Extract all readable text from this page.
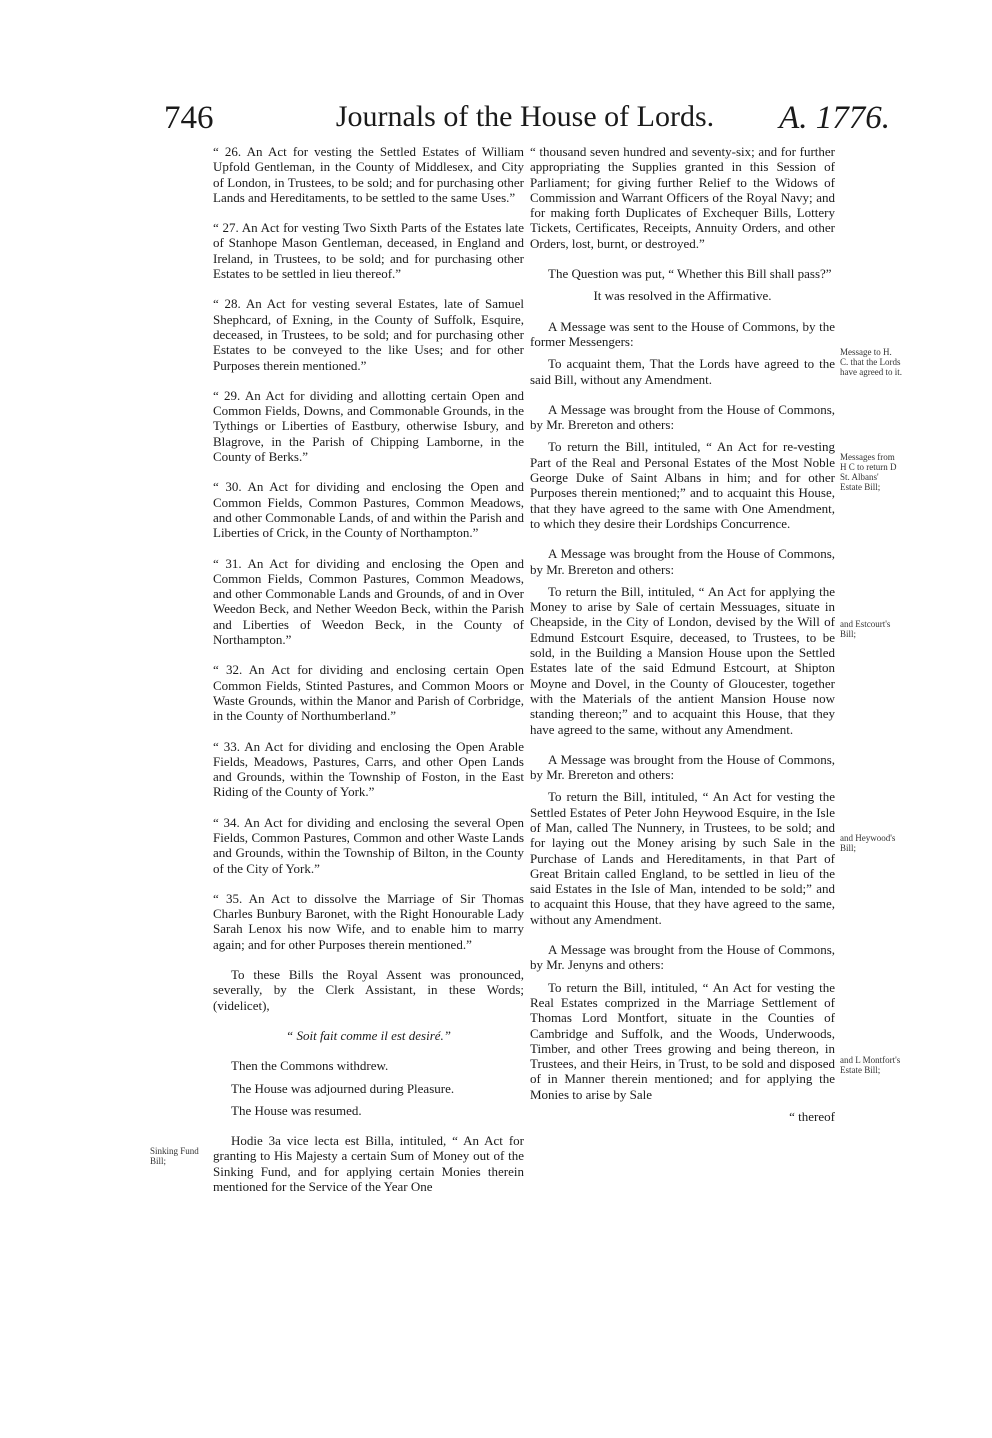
746	Journals of the House of Lords.	A. 1776.

“ 26. An Act for vesting the Settled Estates of William Upfold Gentleman, in the County of Middlesex, and City of London, in Trustees, to be sold; and for purchasing other Lands and Hereditaments, to be settled to the same Uses.”

“ 27. An Act for vesting Two Sixth Parts of the Estates late of Stanhope Mason Gentleman, deceased, in England and Ireland, in Trustees, to be sold; and for purchasing other Estates to be settled in lieu thereof.”

“ 28. An Act for vesting several Estates, late of Samuel Shephcard, of Exning, in the County of Suffolk, Esquire, deceased, in Trustees, to be sold; and for purchasing other Estates to be conveyed to the like Uses; and for other Purposes therein mentioned.”

“ 29. An Act for dividing and allotting certain Open and Common Fields, Downs, and Commonable Grounds, in the Tythings or Liberties of Eastbury, otherwise Isbury, and Blagrove, in the Parish of Chipping Lamborne, in the County of Berks.”

“ 30. An Act for dividing and enclosing the Open and Common Fields, Common Pastures, Common Meadows, and other Commonable Lands, of and within the Parish and Liberties of Crick, in the County of Northampton.”

“ 31. An Act for dividing and enclosing the Open and Common Fields, Common Pastures, Common Meadows, and other Commonable Lands and Grounds, of and in Over Weedon Beck, and Nether Weedon Beck, within the Parish and Liberties of Weedon Beck, in the County of Northampton.”

“ 32. An Act for dividing and enclosing certain Open Common Fields, Stinted Pastures, and Common Moors or Waste Grounds, within the Manor and Parish of Corbridge, in the County of Northumberland.”

“ 33. An Act for dividing and enclosing the Open Arable Fields, Meadows, Pastures, Carrs, and other Open Lands and Grounds, within the Township of Foston, in the East Riding of the County of York.”

“ 34. An Act for dividing and enclosing the several Open Fields, Common Pastures, Common and other Waste Lands and Grounds, within the Township of Bilton, in the County of the City of York.”

“ 35. An Act to dissolve the Marriage of Sir Thomas Charles Bunbury Baronet, with the Right Honourable Lady Sarah Lenox his now Wife, and to enable him to marry again; and for other Purposes therein mentioned.”

To these Bills the Royal Assent was pronounced, severally, by the Clerk Assistant, in these Words; (videlicet),

“ Soit fait comme il est desiré.”

Then the Commons withdrew.

The House was adjourned during Pleasure.

The House was resumed.

Hodie 3a vice lecta est Billa, intituled, “ An Act for granting to His Majesty a certain Sum of Money out of the Sinking Fund, and for applying certain Monies therein mentioned for the Service of the Year One

“ thousand seven hundred and seventy-six; and for further appropriating the Supplies granted in this Session of Parliament; for giving further Relief to the Widows of Commission and Warrant Officers of the Royal Navy; and for making forth Duplicates of Exchequer Bills, Lottery Tickets, Certificates, Receipts, Annuity Orders, and other Orders, lost, burnt, or destroyed.”

The Question was put, “ Whether this Bill shall pass?”

It was resolved in the Affirmative.

A Message was sent to the House of Commons, by the former Messengers:

To acquaint them, That the Lords have agreed to the said Bill, without any Amendment.

A Message was brought from the House of Commons, by Mr. Brereton and others:

To return the Bill, intituled, “ An Act for re-vesting Part of the Real and Personal Estates of the Most Noble George Duke of Saint Albans in him; and for other Purposes therein mentioned;” and to acquaint this House, that they have agreed to the same with One Amendment, to which they desire their Lordships Concurrence.

A Message was brought from the House of Commons, by Mr. Brereton and others:

To return the Bill, intituled, “ An Act for applying the Money to arise by Sale of certain Messuages, situate in Cheapside, in the City of London, devised by the Will of Edmund Estcourt Esquire, deceased, to Trustees, to be sold, in the Building a Mansion House upon the Settled Estates late of the said Edmund Estcourt, at Shipton Moyne and Dovel, in the County of Gloucester, together with the Materials of the antient Mansion House now standing thereon;” and to acquaint this House, that they have agreed to the same, without any Amendment.

A Message was brought from the House of Commons, by Mr. Brereton and others:

To return the Bill, intituled, “ An Act for vesting the Settled Estates of Peter John Heywood Esquire, in the Isle of Man, called The Nunnery, in Trustees, to be sold; and for laying out the Money arising by such Sale in the Purchase of Lands and Hereditaments, in that Part of Great Britain called England, to be settled in lieu of the said Estates in the Isle of Man, intended to be sold;” and to acquaint this House, that they have agreed to the same, without any Amendment.

A Message was brought from the House of Commons, by Mr. Jenyns and others:

To return the Bill, intituled, “ An Act for vesting the Real Estates comprized in the Marriage Settlement of Thomas Lord Montfort, situate in the Counties of Cambridge and Suffolk, and the Woods, Underwoods, Timber, and other Trees growing and being thereon, in Trustees, and their Heirs, in Trust, to be sold and disposed of in Manner therein mentioned; and for applying the Monies to arise by Sale

“ thereof

Sinking Fund Bill;
Message to H. C. that the Lords have agreed to it.
Messages from H C to return D St. Albans' Estate Bill;
and Estcourt's Bill;
and Heywood's Bill;
and L Montfort's Estate Bill;
